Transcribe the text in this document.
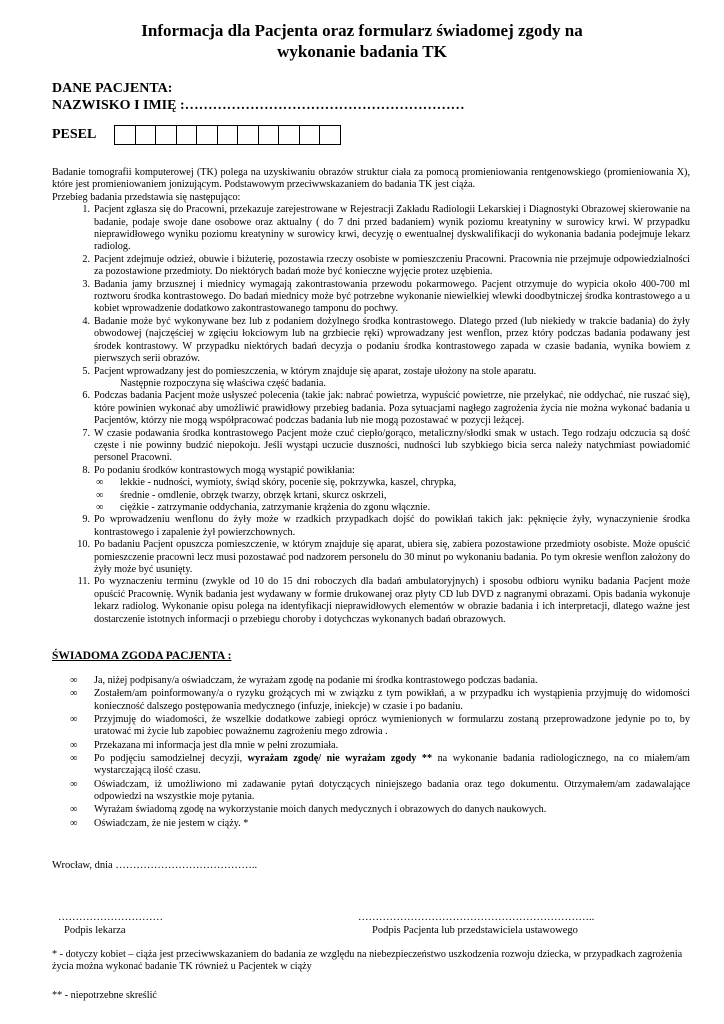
Informacja dla Pacjenta oraz formularz świadomej zgody na
wykonanie badania TK
DANE PACJENTA:
NAZWISKO I IMIĘ :……………………………………………………
PESEL

Badanie tomografii komputerowej (TK) polega na uzyskiwaniu obrazów struktur ciała za pomocą promieniowania rentgenowskiego (promieniowania X), które jest promieniowaniem jonizującym. Podstawowym przeciwwskazaniem do badania TK jest ciąża.

Przebieg badania przedstawia się następująco:

1. Pacjent zgłasza się do Pracowni, przekazuje zarejestrowane w Rejestracji Zakładu Radiologii Lekarskiej i Diagnostyki Obrazowej skierowanie na badanie, podaje swoje dane osobowe oraz aktualny ( do 7 dni przed badaniem) wynik poziomu kreatyniny w surowicy krwi. W przypadku nieprawidłowego wyniku poziomu kreatyniny w surowicy krwi, decyzję o ewentualnej dyskwalifikacji do wykonania badania podejmuje lekarz radiolog.
2. Pacjent zdejmuje odzież, obuwie i biżuterię, pozostawia rzeczy osobiste w pomieszczeniu Pracowni. Pracownia nie przejmuje odpowiedzialności za pozostawione przedmioty. Do niektórych badań może być konieczne wyjęcie protez uzębienia.
3. Badania jamy brzusznej i miednicy wymagają zakontrastowania przewodu pokarmowego. Pacjent otrzymuje do wypicia około 400-700 ml roztworu środka kontrastowego. Do badań miednicy może być potrzebne wykonanie niewielkiej wlewki doodbytniczej środka kontrastowego a u kobiet wprowadzenie dodatkowo zakontrastowanego tamponu do pochwy.
4. Badanie może być wykonywane bez lub z podaniem dożylnego środka kontrastowego. Dlatego przed (lub niekiedy w trakcie badania) do żyły obwodowej (najczęściej w zgięciu łokciowym lub na grzbiecie ręki) wprowadzany jest wenflon, przez który podczas badania podawany jest środek kontrastowy. W przypadku niektórych badań decyzja o podaniu środka kontrastowego zapada w czasie badania, wynika bowiem z pierwszych serii obrazów.
5. Pacjent wprowadzany jest do pomieszczenia, w którym znajduje się aparat, zostaje ułożony na stole aparatu.
Następnie rozpoczyna się właściwa część badania.
6. Podczas badania Pacjent może usłyszeć polecenia (takie jak: nabrać powietrza, wypuścić powietrze, nie przełykać, nie oddychać, nie ruszać się), które powinien wykonać aby umożliwić prawidłowy przebieg badania. Poza sytuacjami nagłego zagrożenia życia nie można wykonać badania u Pacjentów, którzy nie mogą współpracować podczas badania lub nie mogą pozostawać w pozycji leżącej.
7. W czasie podawania środka kontrastowego Pacjent może czuć ciepło/gorąco, metaliczny/słodki smak w ustach. Tego rodzaju odczucia są dość częste i nie powinny budzić niepokoju. Jeśli wystąpi uczucie duszności, nudności lub szybkiego bicia serca należy natychmiast powiadomić personel Pracowni.
8. Po podaniu środków kontrastowych mogą wystąpić powikłania:
∞ lekkie - nudności, wymioty, świąd skóry, pocenie się, pokrzywka, kaszel, chrypka,
∞ średnie - omdlenie, obrzęk twarzy, obrzęk krtani, skurcz oskrzeli,
∞ ciężkie - zatrzymanie oddychania, zatrzymanie krążenia do zgonu włącznie.
9. Po wprowadzeniu wenflonu do żyły może w rzadkich przypadkach dojść do powikłań takich jak: pęknięcie żyły, wynaczynienie środka kontrastowego i zapalenie żył powierzchownych.
10. Po badaniu Pacjent opuszcza pomieszczenie, w którym znajduje się aparat, ubiera się, zabiera pozostawione przedmioty osobiste. Może opuścić pomieszczenie pracowni lecz musi pozostawać pod nadzorem personelu do 30 minut po wykonaniu badania. Po tym okresie wenflon założony do żyły może być usunięty.
11. Po wyznaczeniu terminu (zwykle od 10 do 15 dni roboczych dla badań ambulatoryjnych) i sposobu odbioru wyniku badania Pacjent może opuścić Pracownię. Wynik badania jest wydawany w formie drukowanej oraz płyty CD lub DVD z nagranymi obrazami. Opis badania wykonuje lekarz radiolog. Wykonanie opisu polega na identyfikacji nieprawidłowych elementów w obrazie badania i ich interpretacji, dlatego ważne jest dostarczenie istotnych informacji o przebiegu choroby i dotychczas wykonanych badań obrazowych.
ŚWIADOMA ZGODA PACJENTA :
∞ Ja, niżej podpisany/a oświadczam, że wyrażam zgodę na podanie mi środka kontrastowego podczas badania.
∞ Zostałem/am poinformowany/a o ryzyku grożących mi w związku z tym powikłań, a w przypadku ich wystąpienia przyjmuję do widomości konieczność dalszego postępowania medycznego (infuzje, iniekcje) w czasie i po badaniu.
∞ Przyjmuję do wiadomości, że wszelkie dodatkowe zabiegi oprócz wymienionych w formularzu zostaną przeprowadzone jedynie po to, by uratować mi życie lub zapobiec poważnemu zagrożeniu mego zdrowia .
∞ Przekazana mi informacja jest dla mnie w pełni zrozumiała.
∞ Po podjęciu samodzielnej decyzji, wyrażam zgodę/ nie wyrażam zgody ** na wykonanie badania radiologicznego, na co miałem/am wystarczającą ilość czasu.
∞ Oświadczam, iż umożliwiono mi zadawanie pytań dotyczących niniejszego badania oraz tego dokumentu. Otrzymałem/am zadawalające odpowiedzi na wszystkie moje pytania.
∞ Wyrażam świadomą zgodę na wykorzystanie moich danych medycznych i obrazowych do danych naukowych.
∞ Oświadczam, że nie jestem w ciąży. *
Wrocław, dnia …………………………………..
…………………………
Podpis lekarza
…………………………………………………………..
Podpis Pacjenta lub przedstawiciela ustawowego
* - dotyczy kobiet – ciąża jest przeciwwskazaniem do badania ze względu na niebezpieczeństwo uszkodzenia rozwoju dziecka, w przypadkach zagrożenia życia można wykonać badanie TK również u Pacjentek w ciąży
** - niepotrzebne skreślić
